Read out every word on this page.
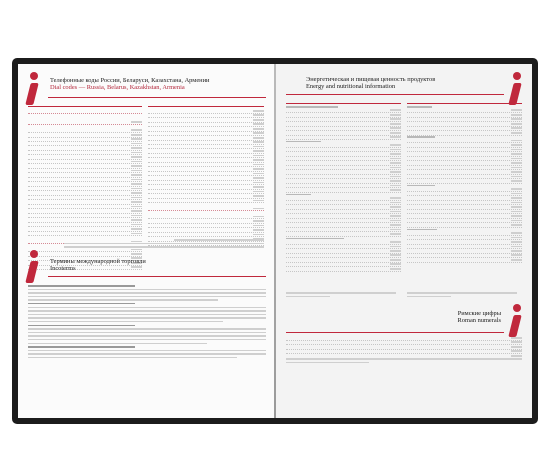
Телефонные коды России, Беларуси, Казахстана, Армении
Dial codes — Russia, Belarus, Kazakhstan, Armenia
Термины международной торговли
Incoterms
Энергетическая и пищевая ценность продуктов
Energy and nutritional information
Римские цифры
Roman numerals
